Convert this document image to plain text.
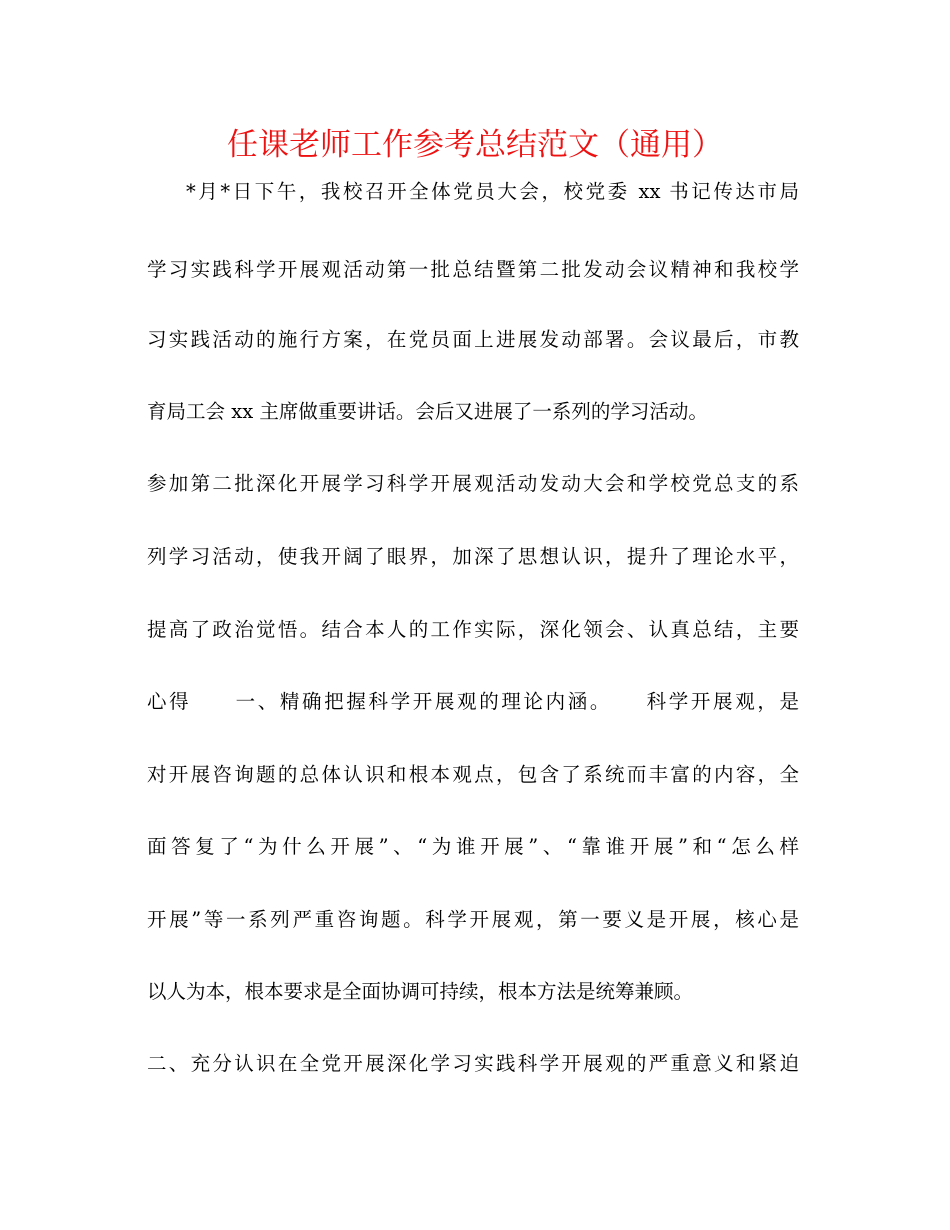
任课老师工作参考总结范文（通用）
*月*日下午，我校召开全体党员大会，校党委 xx 书记传达市局
学习实践科学开展观活动第一批总结暨第二批发动会议精神和我校学
习实践活动的施行方案，在党员面上进展发动部署。会议最后，市教
育局工会 xx 主席做重要讲话。会后又进展了一系列的学习活动。
参加第二批深化开展学习科学开展观活动发动大会和学校党总支的系
列学习活动，使我开阔了眼界，加深了思想认识，提升了理论水平，
提高了政治觉悟。结合本人的工作实际，深化领会、认真总结，主要
心得　　一、精确把握科学开展观的理论内涵。　　科学开展观，是
对开展咨询题的总体认识和根本观点，包含了系统而丰富的内容，全
面答复了“为什么开展”、“为谁开展”、“靠谁开展”和“怎么样
开展”等一系列严重咨询题。科学开展观，第一要义是开展，核心是
以人为本，根本要求是全面协调可持续，根本方法是统筹兼顾。
二、充分认识在全党开展深化学习实践科学开展观的严重意义和紧迫
